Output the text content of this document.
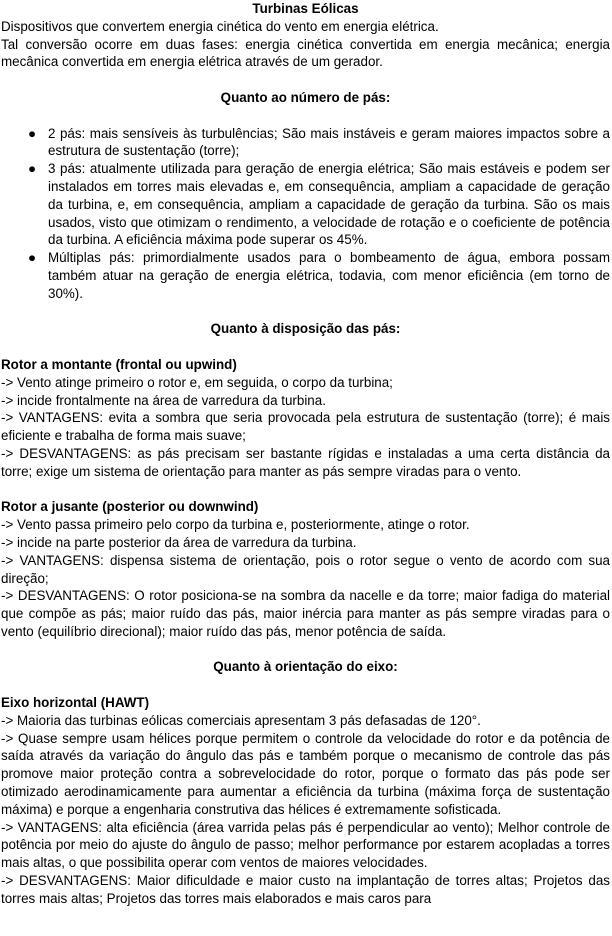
Turbinas Eólicas

Dispositivos que convertem energia cinética do vento em energia elétrica.

Tal conversão ocorre em duas fases: energia cinética convertida em energia mecânica; energia mecânica convertida em energia elétrica através de um gerador.

Quanto ao número de pás:

● 2 pás: mais sensíveis às turbulências; São mais instáveis e geram maiores impactos sobre a estrutura de sustentação (torre);
● 3 pás: atualmente utilizada para geração de energia elétrica; São mais estáveis e podem ser instalados em torres mais elevadas e, em consequência, ampliam a capacidade de geração da turbina, e, em consequência, ampliam a capacidade de geração da turbina. São os mais usados, visto que otimizam o rendimento, a velocidade de rotação e o coeficiente de potência da turbina. A eficiência máxima pode superar os 45%.
● Múltiplas pás: primordialmente usados para o bombeamento de água, embora possam também atuar na geração de energia elétrica, todavia, com menor eficiência (em torno de 30%).

Quanto à disposição das pás:

Rotor a montante (frontal ou upwind)

-> Vento atinge primeiro o rotor e, em seguida, o corpo da turbina;

-> incide frontalmente na área de varredura da turbina.

-> VANTAGENS: evita a sombra que seria provocada pela estrutura de sustentação (torre); é mais eficiente e trabalha de forma mais suave;

-> DESVANTAGENS: as pás precisam ser bastante rígidas e instaladas a uma certa distância da torre; exige um sistema de orientação para manter as pás sempre viradas para o vento.

Rotor a jusante (posterior ou downwind)

-> Vento passa primeiro pelo corpo da turbina e, posteriormente, atinge o rotor.

-> incide na parte posterior da área de varredura da turbina.

-> VANTAGENS: dispensa sistema de orientação, pois o rotor segue o vento de acordo com sua direção;

-> DESVANTAGENS: O rotor posiciona-se na sombra da nacelle e da torre; maior fadiga do material que compõe as pás; maior ruído das pás, maior inércia para manter as pás sempre viradas para o vento (equilíbrio direcional); maior ruído das pás, menor potência de saída.

Quanto à orientação do eixo:

Eixo horizontal (HAWT)

-> Maioria das turbinas eólicas comerciais apresentam 3 pás defasadas de 120°.

-> Quase sempre usam hélices porque permitem o controle da velocidade do rotor e da potência de saída através da variação do ângulo das pás e também porque o mecanismo de controle das pás promove maior proteção contra a sobrevelocidade do rotor, porque o formato das pás pode ser otimizado aerodinamicamente para aumentar a eficiência da turbina (máxima força de sustentação máxima) e porque a engenharia construtiva das hélices é extremamente sofisticada.

-> VANTAGENS: alta eficiência (área varrida pelas pás é perpendicular ao vento); Melhor controle de potência por meio do ajuste do ângulo de passo; melhor performance por estarem acopladas a torres mais altas, o que possibilita operar com ventos de maiores velocidades.

-> DESVANTAGENS: Maior dificuldade e maior custo na implantação de torres altas; Projetos das torres mais altas; Projetos das torres mais elaborados e mais caros para
